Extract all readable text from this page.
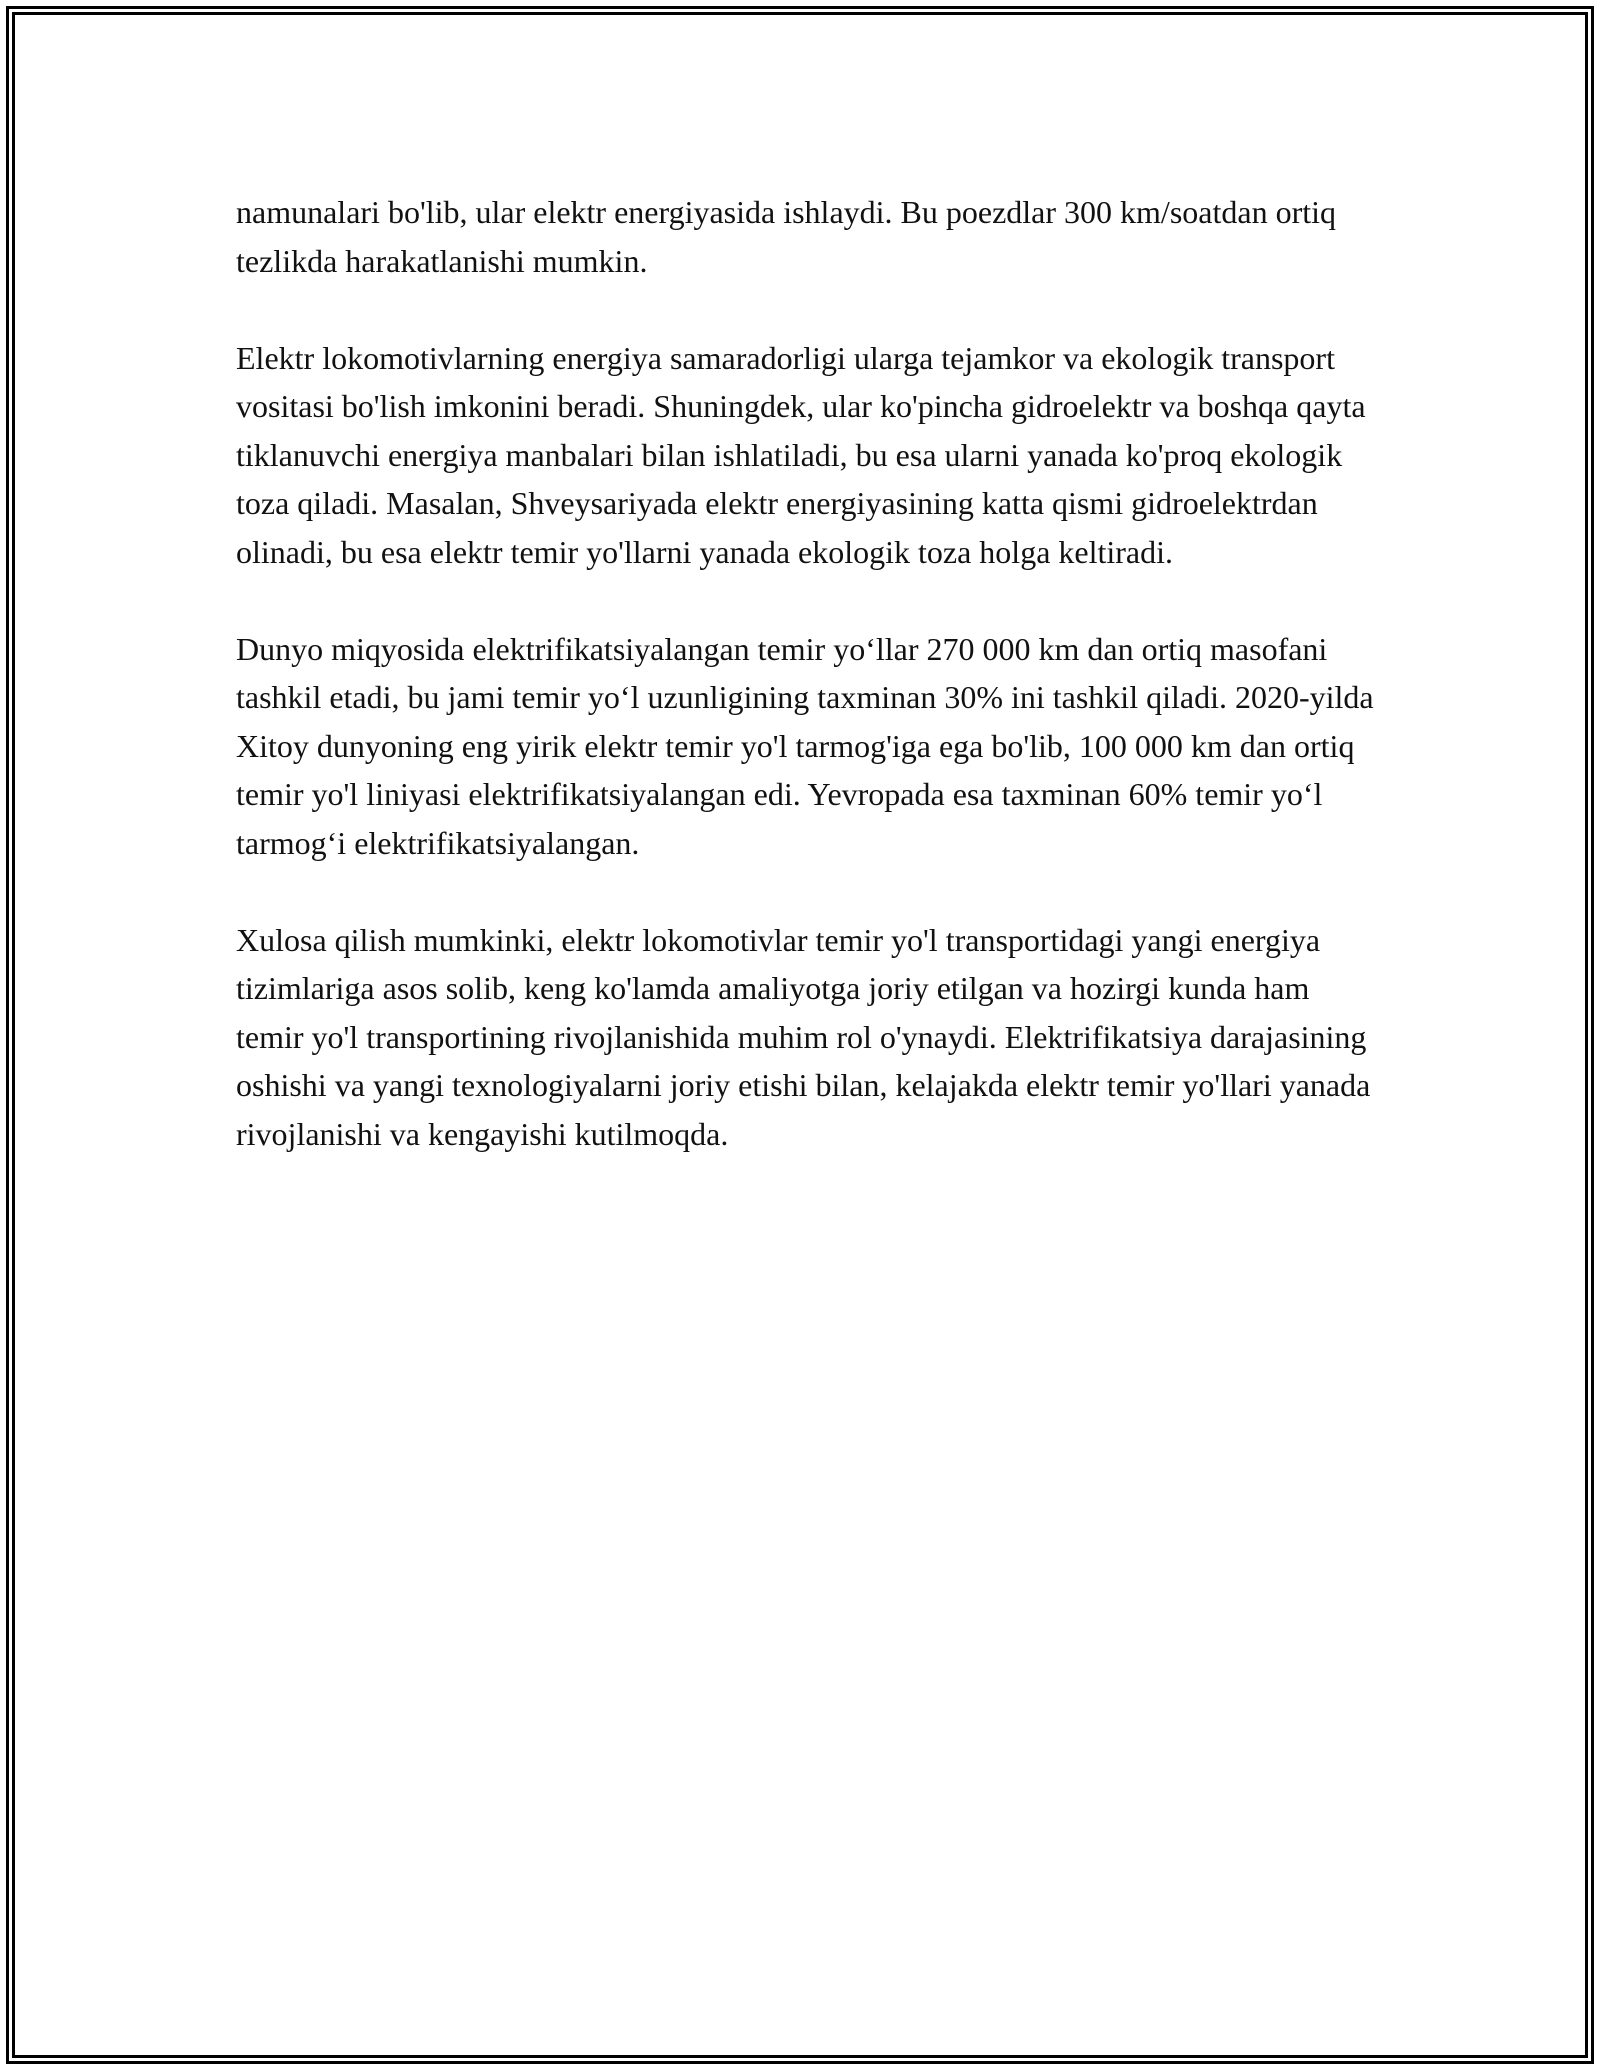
namunalari bo'lib, ular elektr energiyasida ishlaydi. Bu poezdlar 300 km/soatdan ortiq tezlikda harakatlanishi mumkin.

Elektr lokomotivlarning energiya samaradorligi ularga tejamkor va ekologik transport vositasi bo'lish imkonini beradi. Shuningdek, ular ko'pincha gidroelektr va boshqa qayta tiklanuvchi energiya manbalari bilan ishlatiladi, bu esa ularni yanada ko'proq ekologik toza qiladi. Masalan, Shveysariyada elektr energiyasining katta qismi gidroelektrdan olinadi, bu esa elektr temir yo'llarni yanada ekologik toza holga keltiradi.

Dunyo miqyosida elektrifikatsiyalangan temir yo‘llar 270 000 km dan ortiq masofani tashkil etadi, bu jami temir yo‘l uzunligining taxminan 30% ini tashkil qiladi. 2020-yilda Xitoy dunyoning eng yirik elektr temir yo'l tarmog'iga ega bo'lib, 100 000 km dan ortiq temir yo'l liniyasi elektrifikatsiyalangan edi. Yevropada esa taxminan 60% temir yo‘l tarmog‘i elektrifikatsiyalangan.

Xulosa qilish mumkinki, elektr lokomotivlar temir yo'l transportidagi yangi energiya tizimlariga asos solib, keng ko'lamda amaliyotga joriy etilgan va hozirgi kunda ham temir yo'l transportining rivojlanishida muhim rol o'ynaydi. Elektrifikatsiya darajasining oshishi va yangi texnologiyalarni joriy etishi bilan, kelajakda elektr temir yo'llari yanada rivojlanishi va kengayishi kutilmoqda.
